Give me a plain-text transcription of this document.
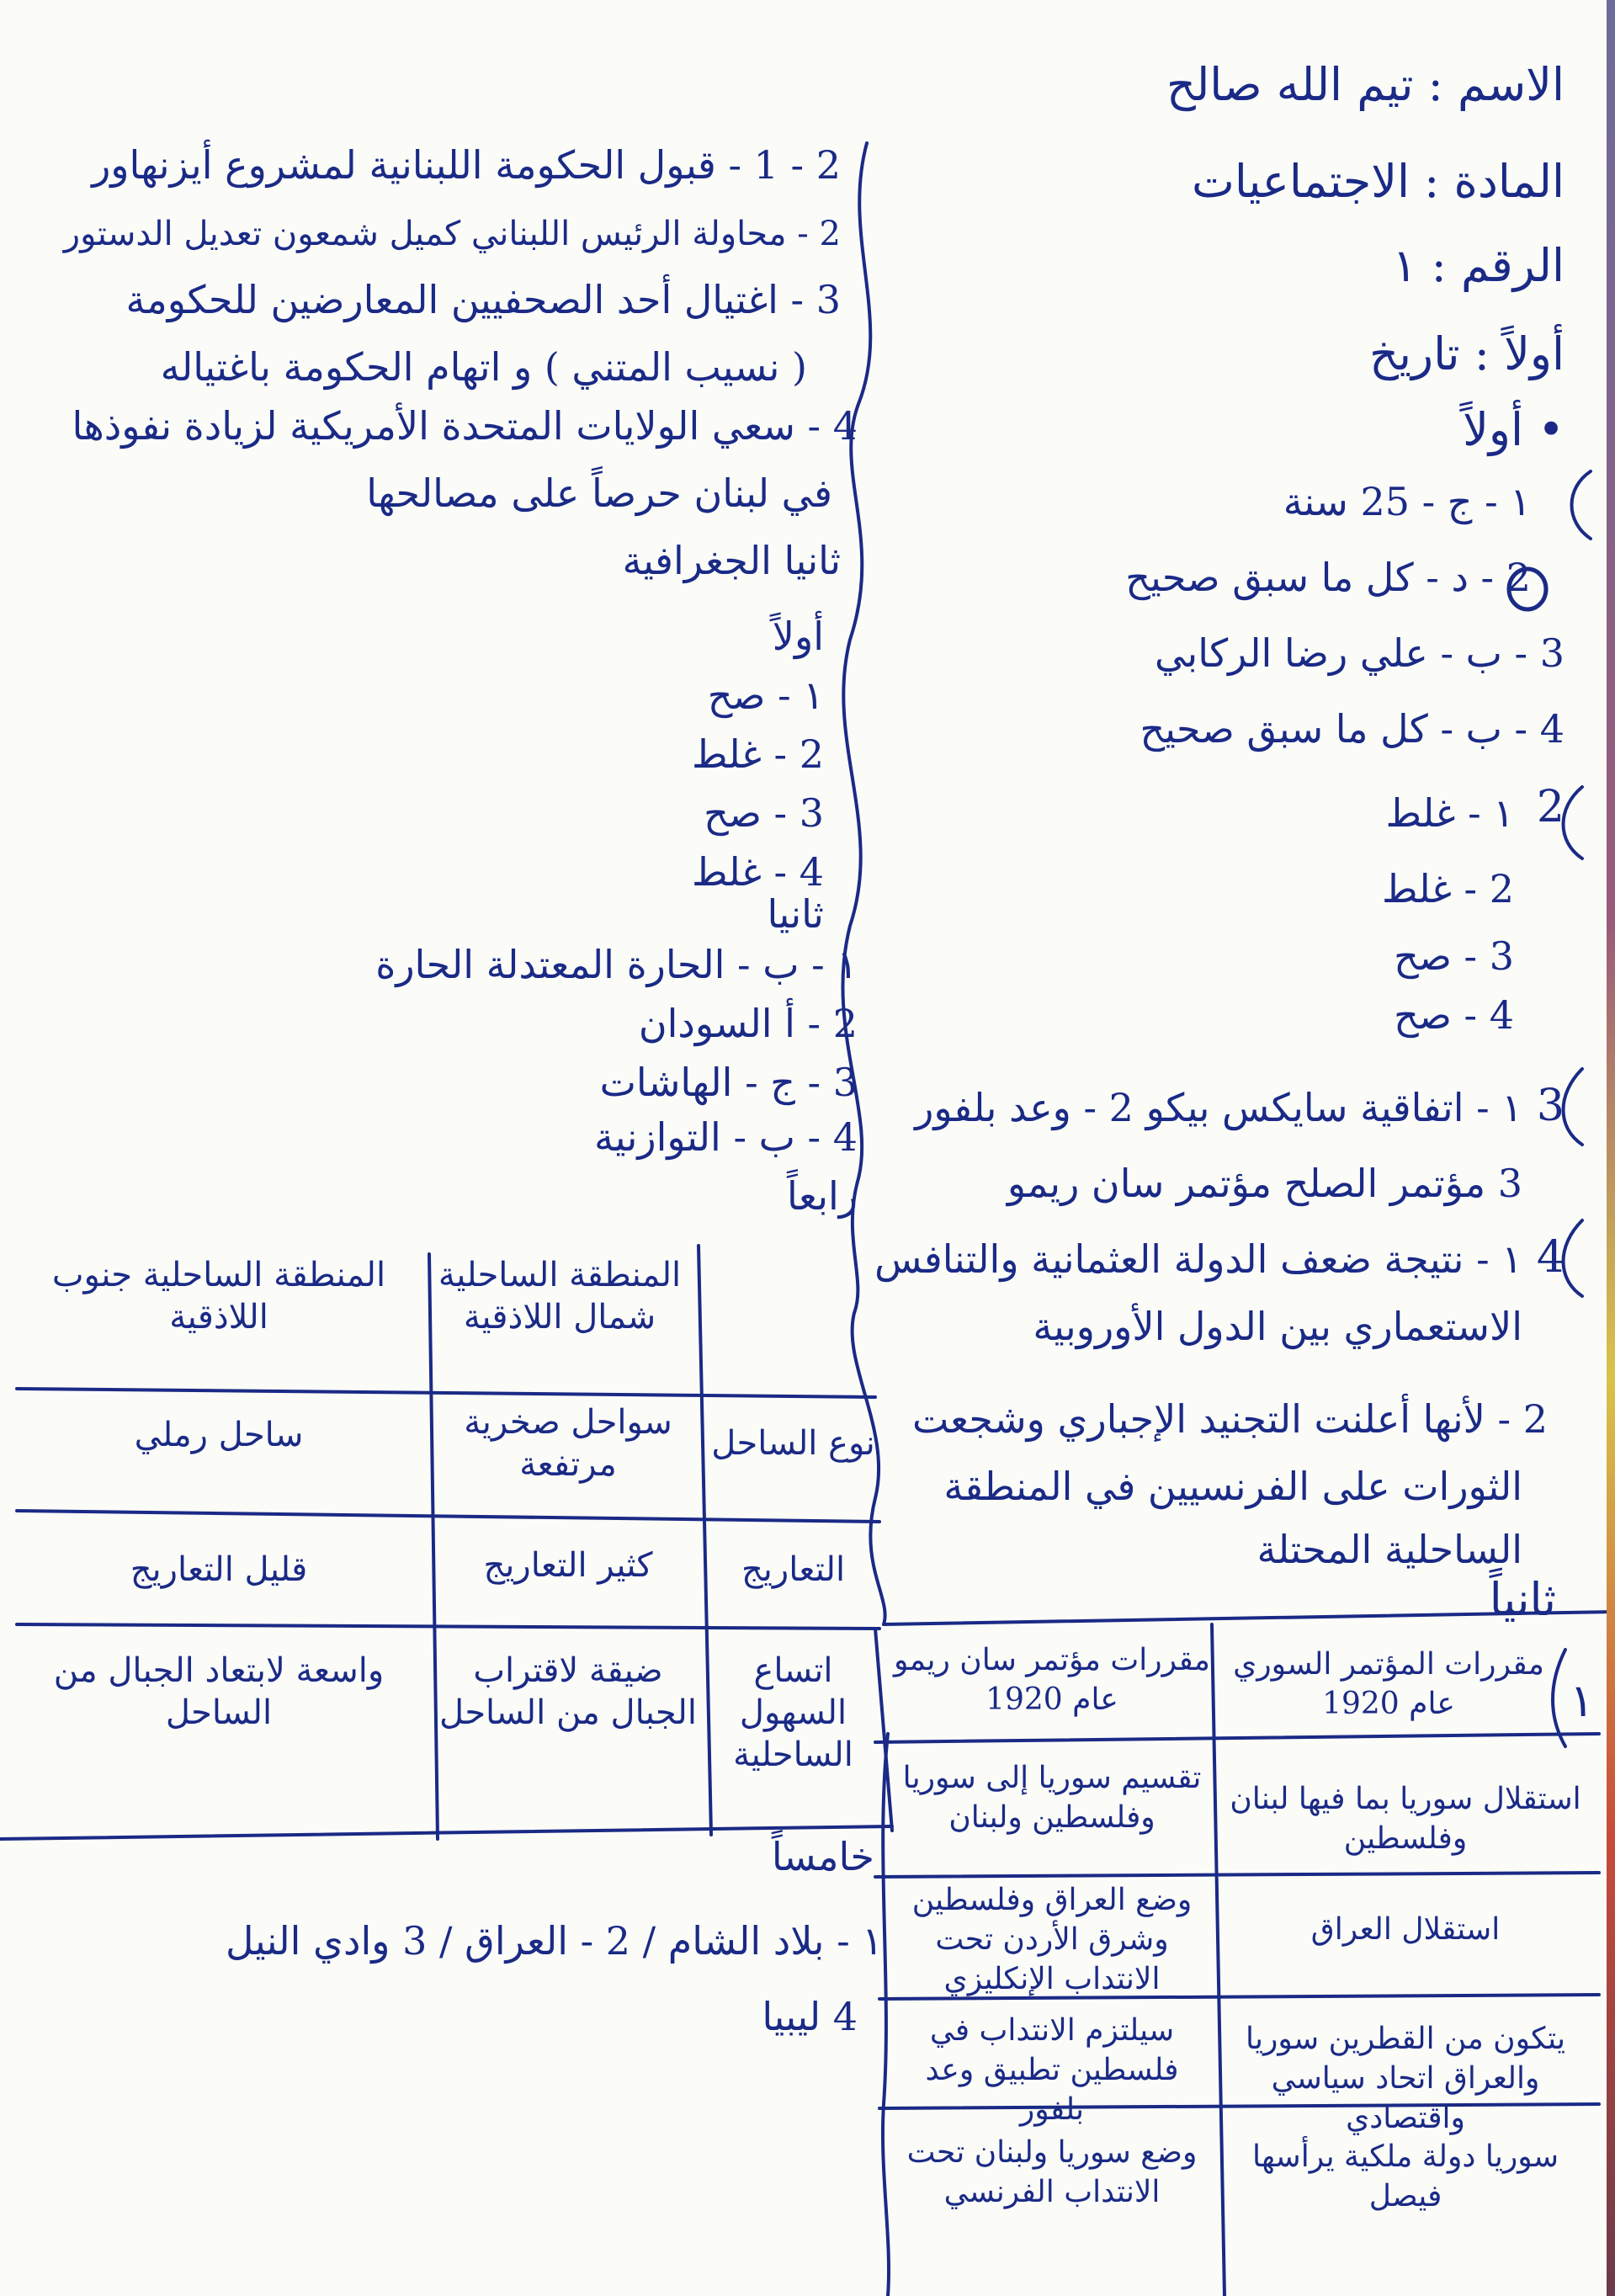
الاسم : تيم الله صالح
المادة : الاجتماعيات
الرقم : ١
أولاً : تاريخ
• أولاً
١ - ج - 25 سنة
2 - د - كل ما سبق صحيح
3 - ب - علي رضا الركابي
4 - ب - كل ما سبق صحيح
2
١ - غلط
2 - غلط
3 - صح
4 - صح
3
١ - اتفاقية سايكس بيكو 2 - وعد بلفور
3 مؤتمر الصلح مؤتمر سان ريمو
4
١ - نتيجة ضعف الدولة العثمانية والتنافس
الاستعماري بين الدول الأوروبية
2 - لأنها أعلنت التجنيد الإجباري وشجعت
الثورات على الفرنسيين في المنطقة
الساحلية المحتلة
2 - 1 - قبول الحكومة اللبنانية لمشروع أيزنهاور
2 - محاولة الرئيس اللبناني كميل شمعون تعديل الدستور
3 - اغتيال أحد الصحفيين المعارضين للحكومة
( نسيب المتني ) و اتهام الحكومة باغتياله
4 - سعي الولايات المتحدة الأمريكية لزيادة نفوذها
في لبنان حرصاً على مصالحها
ثانيا الجغرافية
أولاً
١ - صح
2 - غلط
3 - صح
4 - غلط
ثانيا
١ - ب - الحارة المعتدلة الحارة
2 - أ السودان
3 - ج - الهاشات
4 - ب - التوازنية
رابعاً
المنطقة الساحلية شمال اللاذقية
المنطقة الساحلية جنوب اللاذقية
نوع الساحل
سواحل صخرية مرتفعة
ساحل رملي
التعاريج
كثير التعاريج
قليل التعاريج
اتساع السهول الساحلية
ضيقة لاقتراب الجبال من الساحل
واسعة لابتعاد الجبال من الساحل
خامساً
١ - بلاد الشام / 2 - العراق / 3 وادي النيل
4 ليبيا
ثانياً
١
مقررات المؤتمر السوري عام 1920
مقررات مؤتمر سان ريمو عام 1920
استقلال سوريا بما فيها لبنان وفلسطين
تقسيم سوريا إلى سوريا وفلسطين ولبنان
استقلال العراق
وضع العراق وفلسطين وشرق الأردن تحت الانتداب الإنكليزي
يتكون من القطرين سوريا والعراق اتحاد سياسي واقتصادي
سيلتزم الانتداب في فلسطين تطبيق وعد بلفور
سوريا دولة ملكية يرأسها فيصل
وضع سوريا ولبنان تحت الانتداب الفرنسي
